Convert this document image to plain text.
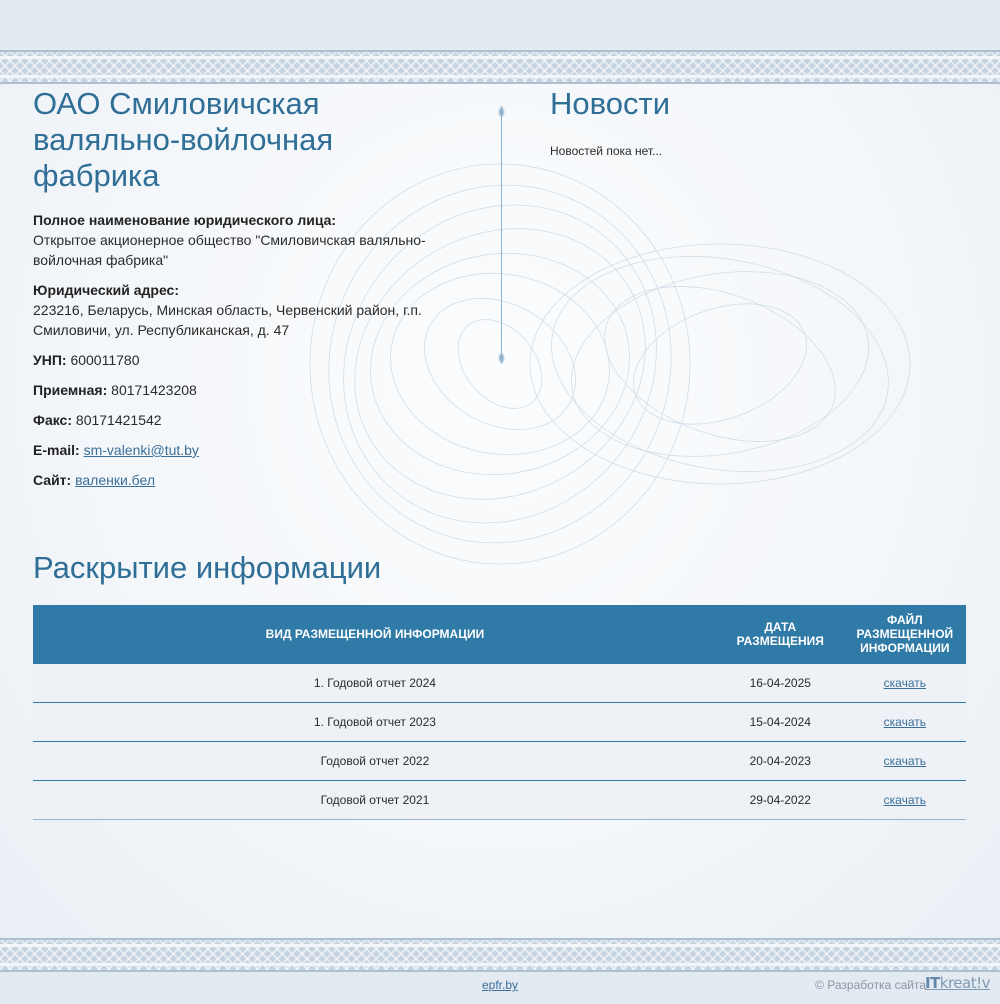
ОАО Смиловичская валяльно-войлочная фабрика
Полное наименование юридического лица:
Открытое акционерное общество "Смиловичская валяльно-войлочная фабрика"
Юридический адрес:
223216, Беларусь, Минская область, Червенский район, г.п. Смиловичи, ул. Республиканская, д. 47
УНП: 600011780
Приемная: 80171423208
Факс: 80171421542
E-mail: sm-valenki@tut.by
Сайт: валенки.бел
Новости
Новостей пока нет...
Раскрытие информации
ВИД РАЗМЕЩЕННОЙ ИНФОРМАЦИИ	ДАТА РАЗМЕЩЕНИЯ	ФАЙЛ РАЗМЕЩЕННОЙ ИНФОРМАЦИИ
1. Годовой отчет 2024	16-04-2025	скачать
1. Годовой отчет 2023	15-04-2024	скачать
Годовой отчет 2022	20-04-2023	скачать
Годовой отчет 2021	29-04-2022	скачать
epfr.by	© Разработка сайта
ITkreat!v
